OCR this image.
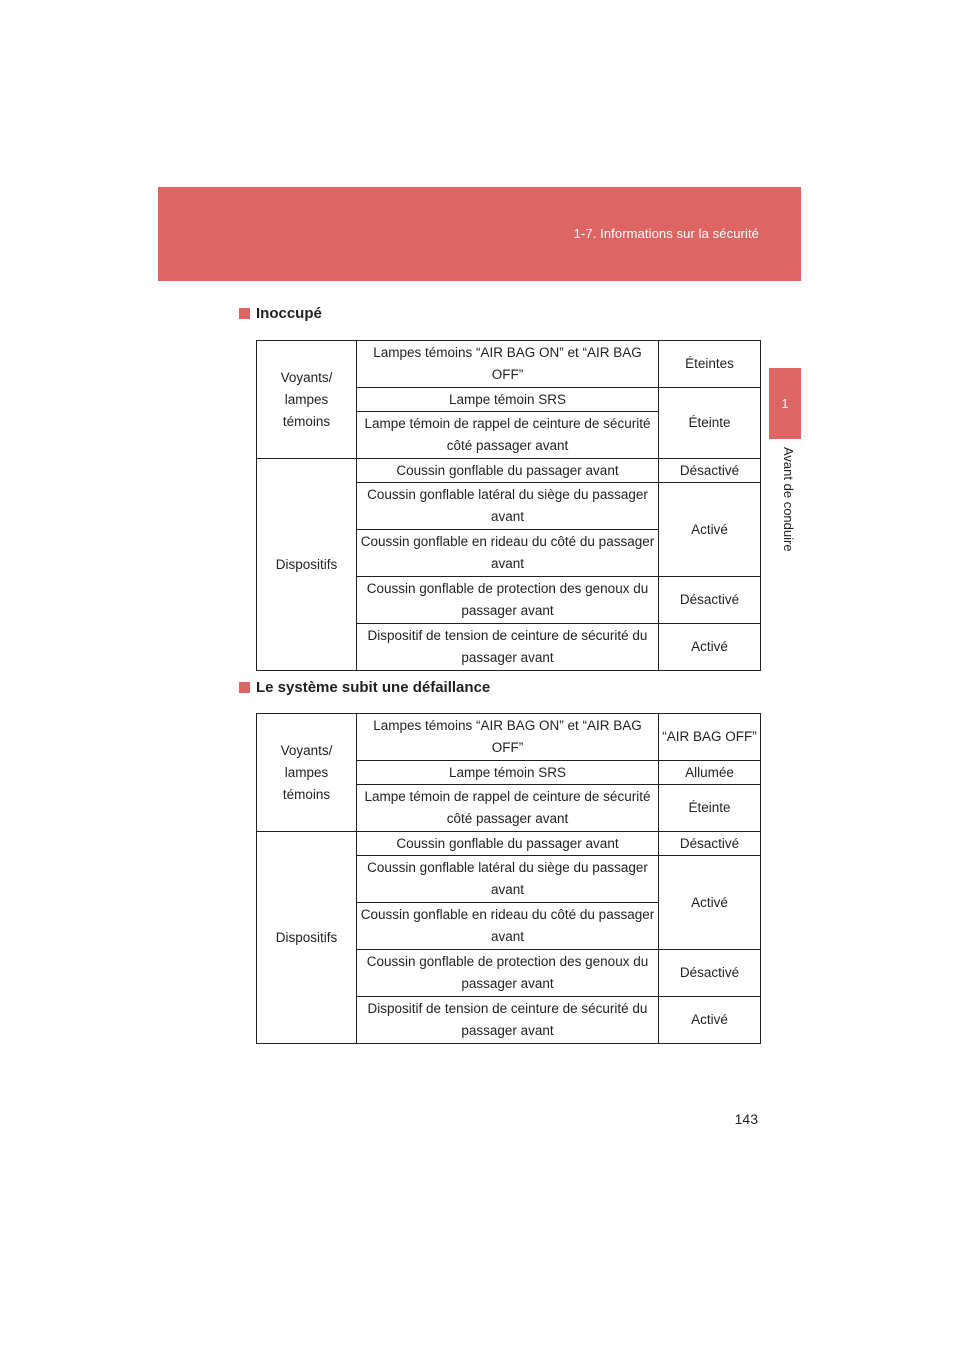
1-7. Informations sur la sécurité
1
Avant de conduire
Inoccupé
Voyants/ lampes témoins	Lampes témoins “AIR BAG ON” et “AIR BAG OFF”	Éteintes
	Lampe témoin SRS	Éteinte
	Lampe témoin de rappel de ceinture de sécurité côté passager avant	
Dispositifs	Coussin gonflable du passager avant	Désactivé
	Coussin gonflable latéral du siège du passager avant	Activé
	Coussin gonflable en rideau du côté du passager avant	
	Coussin gonflable de protection des genoux du passager avant	Désactivé
	Dispositif de tension de ceinture de sécurité du passager avant	Activé
Le système subit une défaillance
Voyants/ lampes témoins	Lampes témoins “AIR BAG ON” et “AIR BAG OFF”	“AIR BAG OFF”
	Lampe témoin SRS	Allumée
	Lampe témoin de rappel de ceinture de sécurité côté passager avant	Éteinte
Dispositifs	Coussin gonflable du passager avant	Désactivé
	Coussin gonflable latéral du siège du passager avant	Activé
	Coussin gonflable en rideau du côté du passager avant	
	Coussin gonflable de protection des genoux du passager avant	Désactivé
	Dispositif de tension de ceinture de sécurité du passager avant	Activé
143
